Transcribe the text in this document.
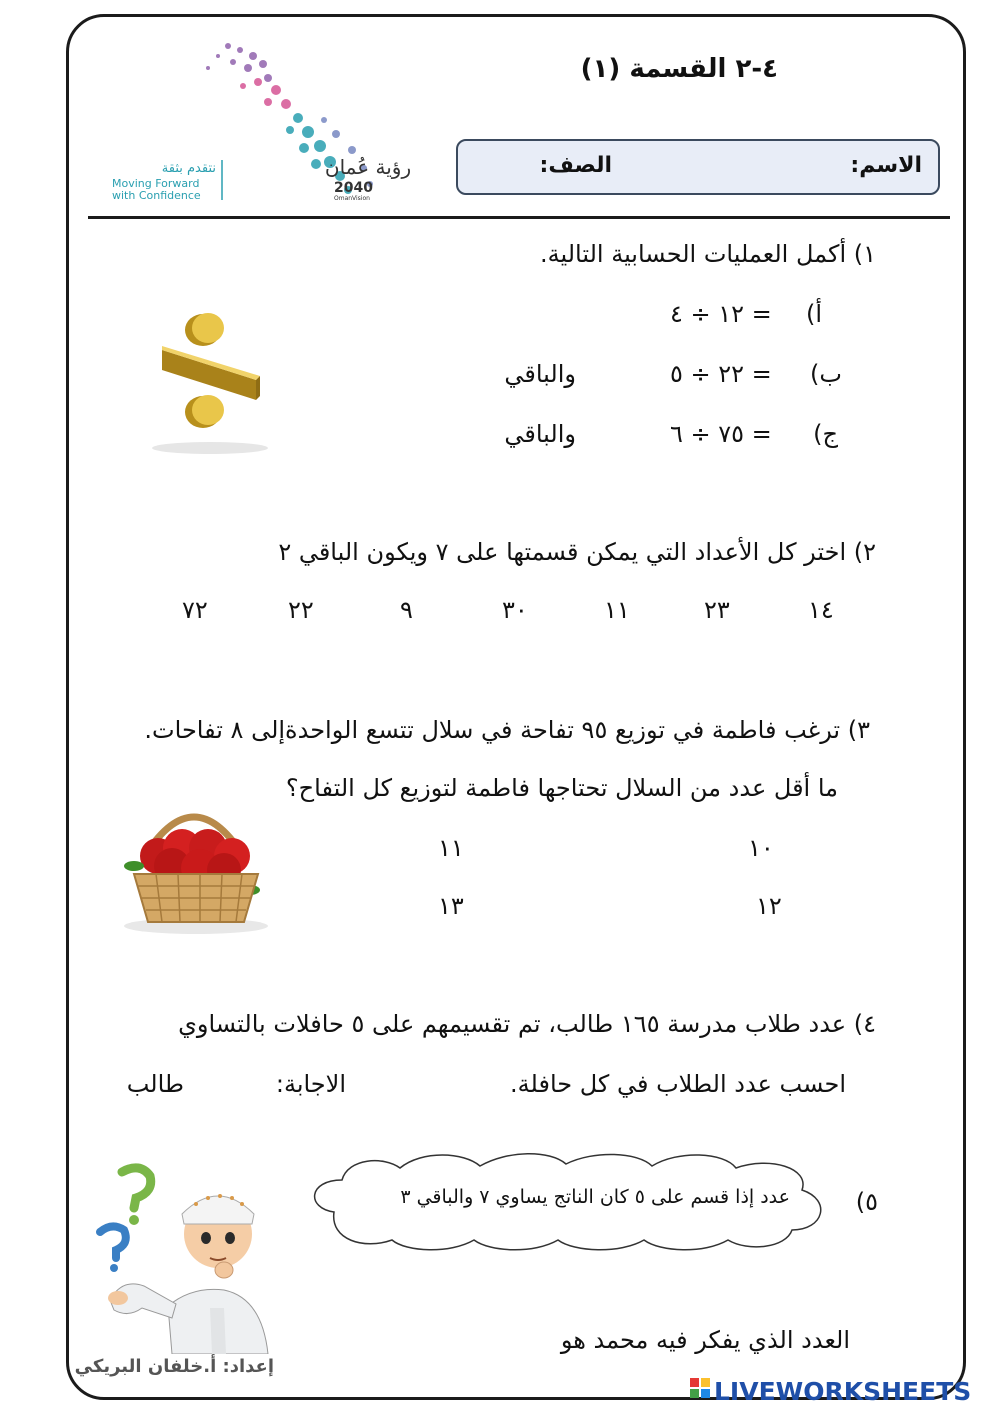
رؤية عُمان
2040
OmanVision
نتقدم بثقة
Moving Forward
with Confidence
٤-٢ القسمة (١)
الاسم:
الصف:
١) أكمل العمليات الحسابية التالية.
أ)
١٢ ÷ ٤ =
ب)
٢٢ ÷ ٥ =
والباقي
ج)
٧٥ ÷ ٦ =
والباقي
٢) اختر كل الأعداد التي يمكن قسمتها على ٧ ويكون الباقي ٢
١٤
٢٣
١١
٣٠
٩
٢٢
٧٢
٣) ترغب فاطمة في توزيع ٩٥ تفاحة في سلال تتسع الواحدةإلى ٨ تفاحات.
ما أقل عدد من السلال تحتاجها فاطمة لتوزيع كل التفاح؟
١٠
١١
١٢
١٣
٤) عدد طلاب مدرسة ١٦٥ طالب، تم تقسيمهم على ٥ حافلات بالتساوي
احسب عدد الطلاب في كل حافلة.
الاجابة:
طالب
٥)
عدد إذا قسم على ٥ كان الناتج يساوي ٧ والباقي ٣
العدد الذي يفكر فيه محمد هو
إعداد: أ.خلفان البريكي
LIVEWORKSHEETS
